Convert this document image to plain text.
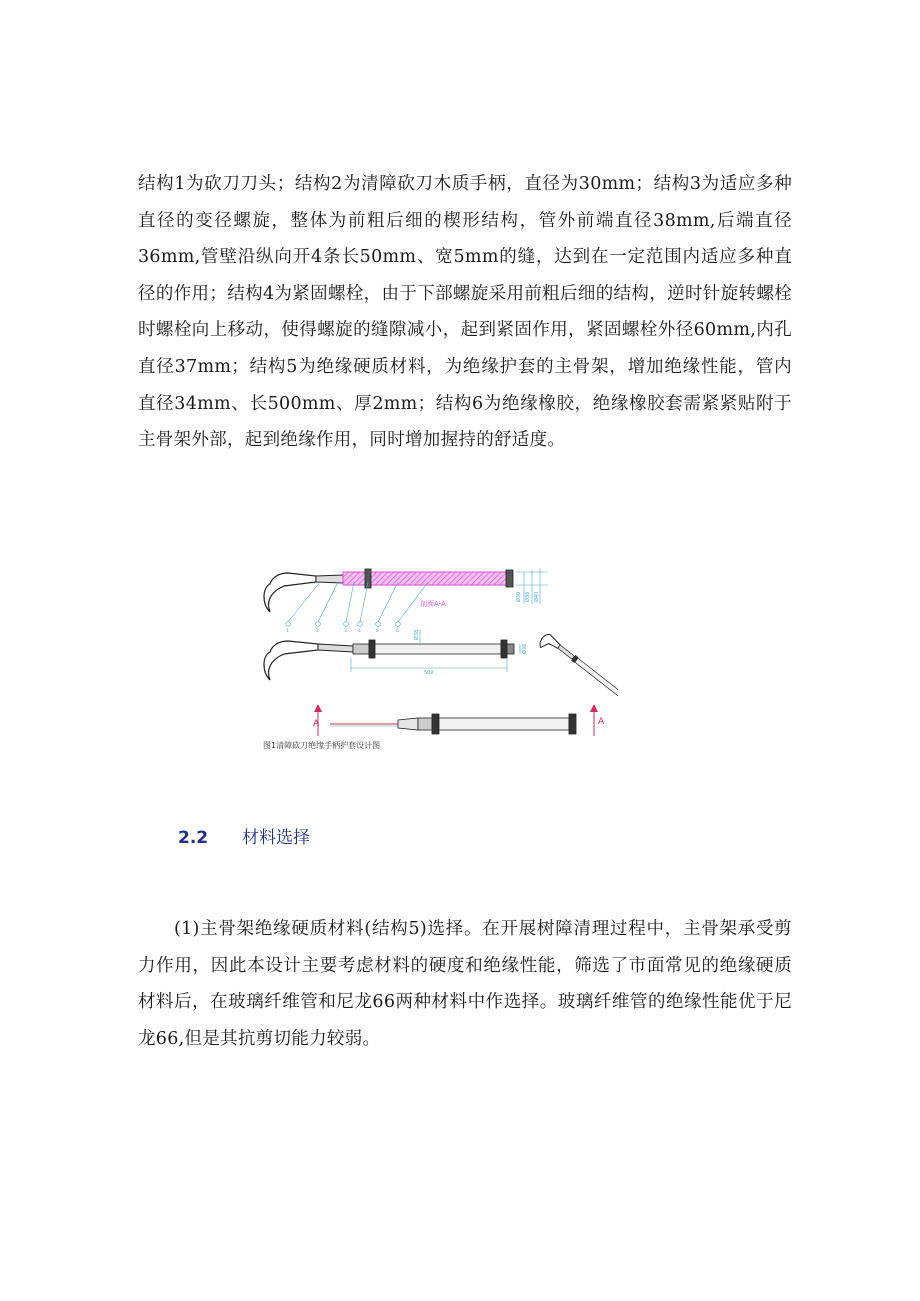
结构1为砍刀刀头；结构2为清障砍刀木质手柄，直径为30mm；结构3为适应多种直径的变径螺旋，整体为前粗后细的楔形结构，管外前端直径38mm,后端直径36mm,管壁沿纵向开4条长50mm、宽5mm的缝，达到在一定范围内适应多种直径的作用；结构4为紧固螺栓，由于下部螺旋采用前粗后细的结构，逆时针旋转螺栓时螺栓向上移动，使得螺旋的缝隙减小，起到紧固作用，紧固螺栓外径60mm,内孔直径37mm；结构5为绝缘硬质材料，为绝缘护套的主骨架，增加绝缘性能，管内直径34mm、长500mm、厚2mm；结构6为绝缘橡胶，绝缘橡胶套需紧紧贴附于主骨架外部，起到绝缘作用，同时增加握持的舒适度。

Ø30 Ø36 Ø40
剖面A-A
1	2	3 4	5	6
500
Ø38
Ø36
A	A
图1清障砍刀绝缘手柄护套设计图
2.2 材料选择

(1)主骨架绝缘硬质材料(结构5)选择。在开展树障清理过程中，主骨架承受剪力作用，因此本设计主要考虑材料的硬度和绝缘性能，筛选了市面常见的绝缘硬质材料后，在玻璃纤维管和尼龙66两种材料中作选择。玻璃纤维管的绝缘性能优于尼龙66,但是其抗剪切能力较弱。
